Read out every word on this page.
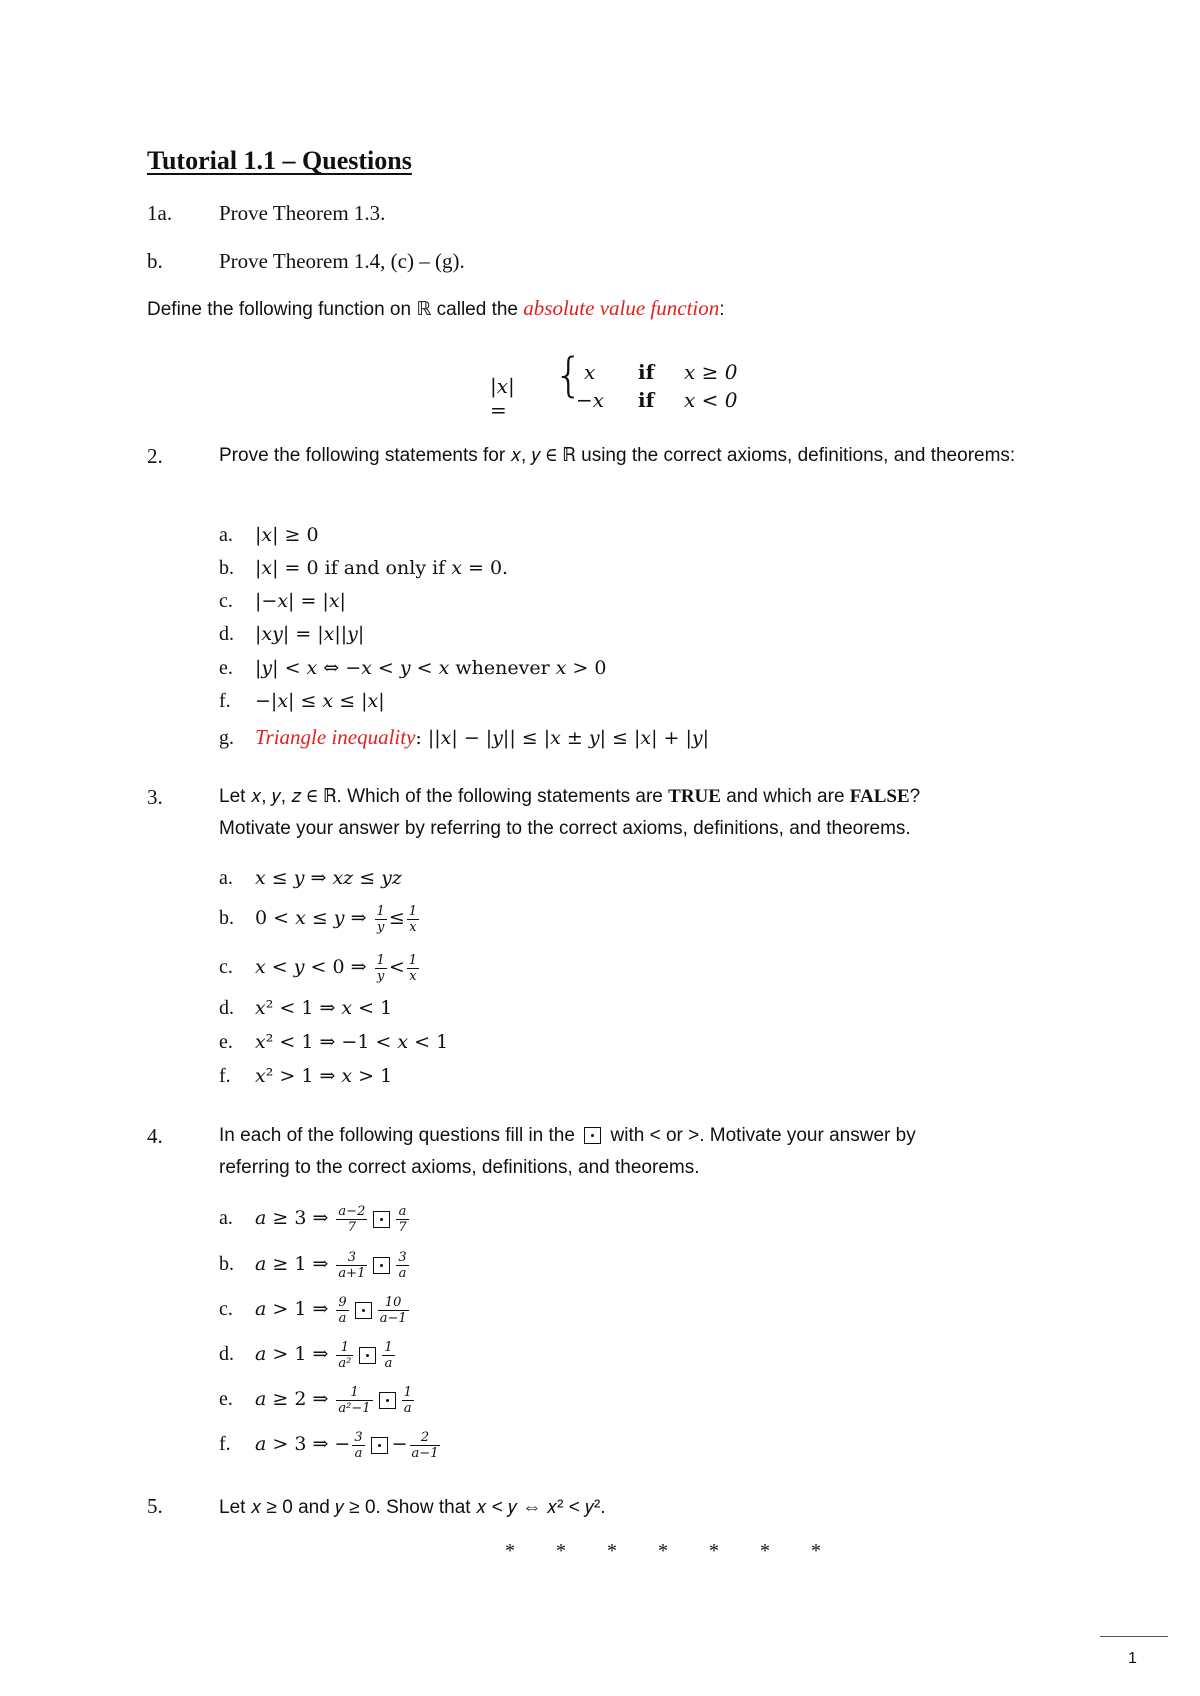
Tutorial 1.1 – Questions
1a. Prove Theorem 1.3.
b.	Prove Theorem 1.4, (c) – (g).
Define the following function on ℝ called the absolute value function:
|x| =
{ x if x ≥ 0
−x if x < 0
2.	Prove the following statements for 𝑥, 𝑦 ∈ ℝ using the correct axioms, definitions, and theorems:
a. |𝑥| ≥ 0
b. |𝑥| = 0 if and only if 𝑥 = 0.
c. |−𝑥| = |𝑥|
d. |𝑥𝑦| = |𝑥||𝑦|
e. |𝑦| < 𝑥 ⇔ −𝑥 < 𝑦 < 𝑥 whenever 𝑥 > 0
f. −|𝑥| ≤ 𝑥 ≤ |𝑥|
g. Triangle inequality: ||𝑥| − |𝑦|| ≤ |𝑥 ± 𝑦| ≤ |𝑥| + |𝑦|
3.	Let 𝑥, 𝑦, 𝑧 ∈ ℝ. Which of the following statements are TRUE and which are FALSE?
Motivate your answer by referring to the correct axioms, definitions, and theorems.
a. 𝑥 ≤ 𝑦 ⇒ 𝑥𝑧 ≤ 𝑦𝑧
b. 0 < 𝑥 ≤ 𝑦 ⇒ $\frac{1}{\text{𝑦}} \le \frac{1}{\text{𝑥}}$
c. 𝑥 < 𝑦 < 0 ⇒ $\frac{1}{\text{𝑦}} < \frac{1}{\text{𝑥}}$
d. 𝑥² < 1 ⇒ 𝑥 < 1
e. 𝑥² < 1 ⇒ −1 < 𝑥 < 1
f. 𝑥² > 1 ⇒ 𝑥 > 1
4.	In each of the following questions fill in the  with < or >. Motivate your answer by
referring to the correct axioms, definitions, and theorems.
a. 𝑎 ≥ 3 ⇒ $\frac{\text{𝑎−2}}{7} \frac{\text{𝑎}}{7}$
b. 𝑎 ≥ 1 ⇒ $\frac{3}{\text{𝑎+1}} \frac{3}{\text{𝑎}}$
c. 𝑎 > 1 ⇒ $\frac{9}{\text{𝑎}} \frac{10}{\text{𝑎−1}}$
d. 𝑎 > 1 ⇒ $\frac{1}{\text{𝑎²}} \frac{1}{\text{𝑎}}$
e. 𝑎 ≥ 2 ⇒ $\frac{1}{\text{𝑎²−1}} \frac{1}{\text{𝑎}}$
f. 𝑎 > 3 ⇒ − $\frac{3}{\text{𝑎}} - \frac{2}{\text{𝑎−1}}$
5.	Let 𝑥 ≥ 0 and 𝑦 ≥ 0. Show that 𝑥 < 𝑦 ⇔ 𝑥² < 𝑦².
* * * * * * *
1
